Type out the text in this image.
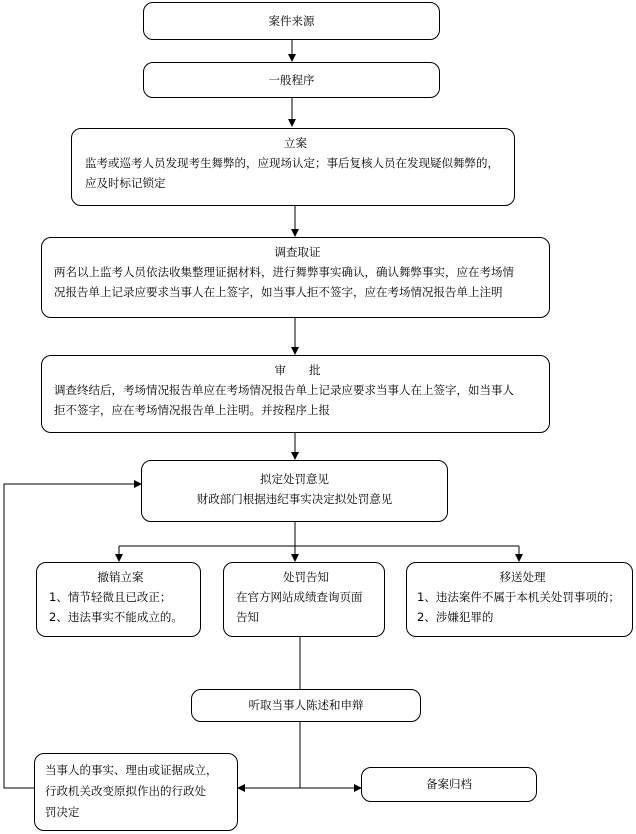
案件来源
一般程序
立案
监考或巡考人员发现考生舞弊的，应现场认定；事后复核人员在发现疑似舞弊的，
应及时标记锁定
调查取证
两名以上监考人员依法收集整理证据材料，进行舞弊事实确认，确认舞弊事实，应在考场情
况报告单上记录应要求当事人在上签字，如当事人拒不签字，应在考场情况报告单上注明
审　　批
调查终结后，考场情况报告单应在考场情况报告单上记录应要求当事人在上签字，如当事人
拒不签字，应在考场情况报告单上注明。并按程序上报
拟定处罚意见
财政部门根据违纪事实决定拟处罚意见
撤销立案
1、情节轻微且已改正；
2、违法事实不能成立的。
处罚告知
在官方网站成绩查询页面
告知
移送处理
1、违法案件不属于本机关处罚事项的；
2、涉嫌犯罪的
听取当事人陈述和申辩
当事人的事实、理由或证据成立，
行政机关改变原拟作出的行政处
罚决定
备案归档
